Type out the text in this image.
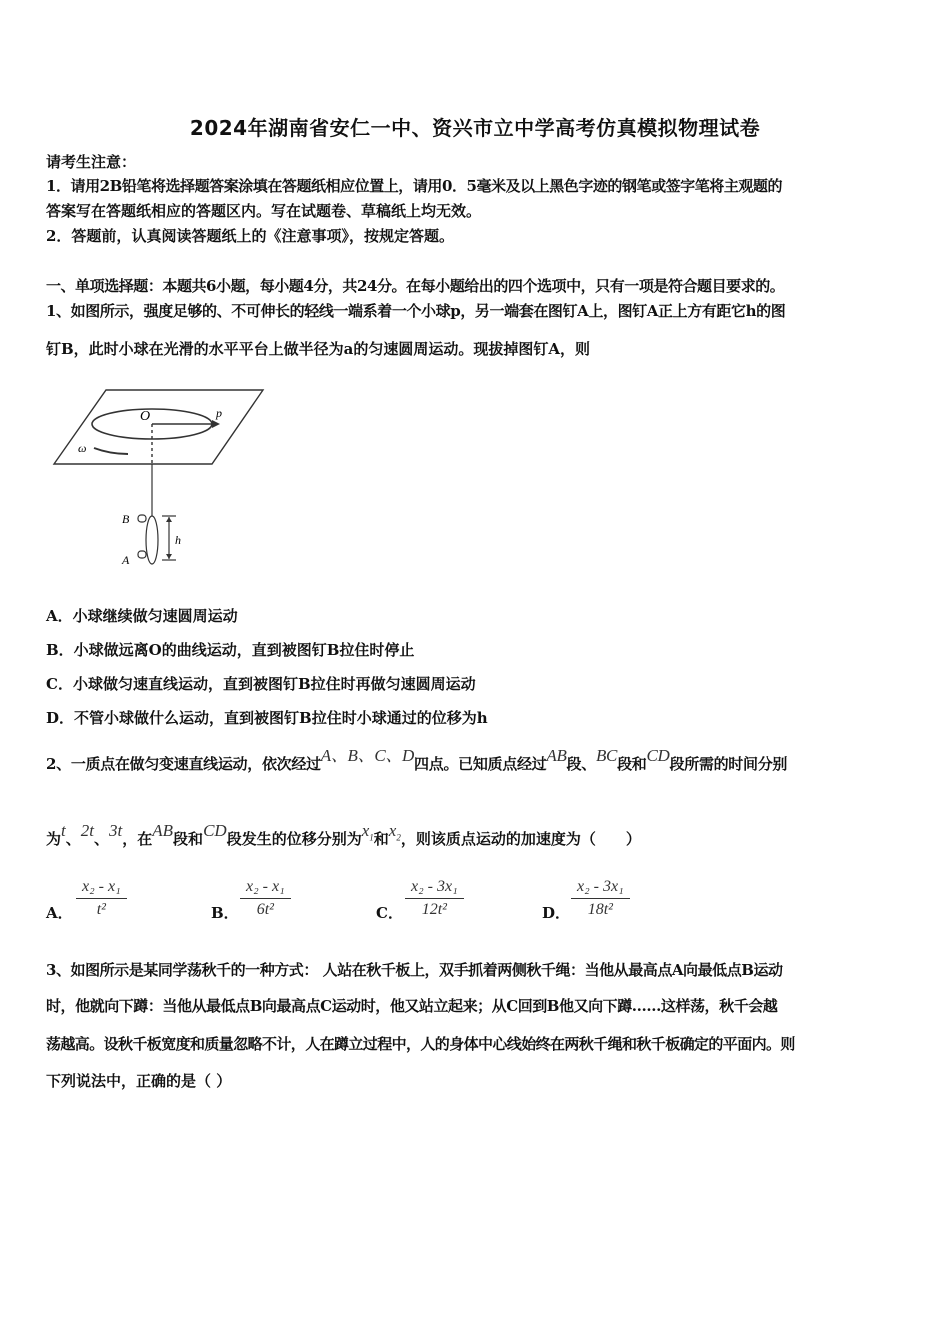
2024年湖南省安仁一中、资兴市立中学高考仿真模拟物理试卷
请考生注意：
1．请用2B铅笔将选择题答案涂填在答题纸相应位置上，请用0．5毫米及以上黑色字迹的钢笔或签字笔将主观题的
答案写在答题纸相应的答题区内。写在试题卷、草稿纸上均无效。
2．答题前，认真阅读答题纸上的《注意事项》，按规定答题。
一、单项选择题：本题共6小题，每小题4分，共24分。在每小题给出的四个选项中，只有一项是符合题目要求的。
1、如图所示，强度足够的、不可伸长的轻线一端系着一个小球p，另一端套在图钉A上，图钉A正上方有距它h的图
钉B，此时小球在光滑的水平平台上做半径为a的匀速圆周运动。现拔掉图钉A，则
O	p
ω
B
A
h
A．小球继续做匀速圆周运动
B．小球做远离O的曲线运动，直到被图钉B拉住时停止
C．小球做匀速直线运动，直到被图钉B拉住时再做匀速圆周运动
D．不管小球做什么运动，直到被图钉B拉住时小球通过的位移为h
2、一质点在做匀变速直线运动，依次经过A、B、C、D四点。已知质点经过AB段、BC段和CD段所需的时间分别
为t、2t、3t，在AB段和CD段发生的位移分别为$x_1$和$x_2$，则该质点运动的加速度为（　　）
A． $\frac{\text{x₂ - x₁}}{\text{t²}}$	B． $\frac{\text{x₂ - x₁}}{\text{6t²}}$	C． $\frac{\text{x₂ - 3x₁}}{\text{12t²}}$	D． $\frac{\text{x₂ - 3x₁}}{\text{18t²}}$
3、如图所示是某同学荡秋千的一种方式： 人站在秋千板上，双手抓着两侧秋千绳：当他从最高点A向最低点B运动
时，他就向下蹲：当他从最低点B向最高点C运动时，他又站立起来；从C回到B他又向下蹲……这样荡，秋千会越
荡越高。设秋千板宽度和质量忽略不计，人在蹲立过程中，人的身体中心线始终在两秋千绳和秋千板确定的平面内。则
下列说法中，正确的是（ ）
